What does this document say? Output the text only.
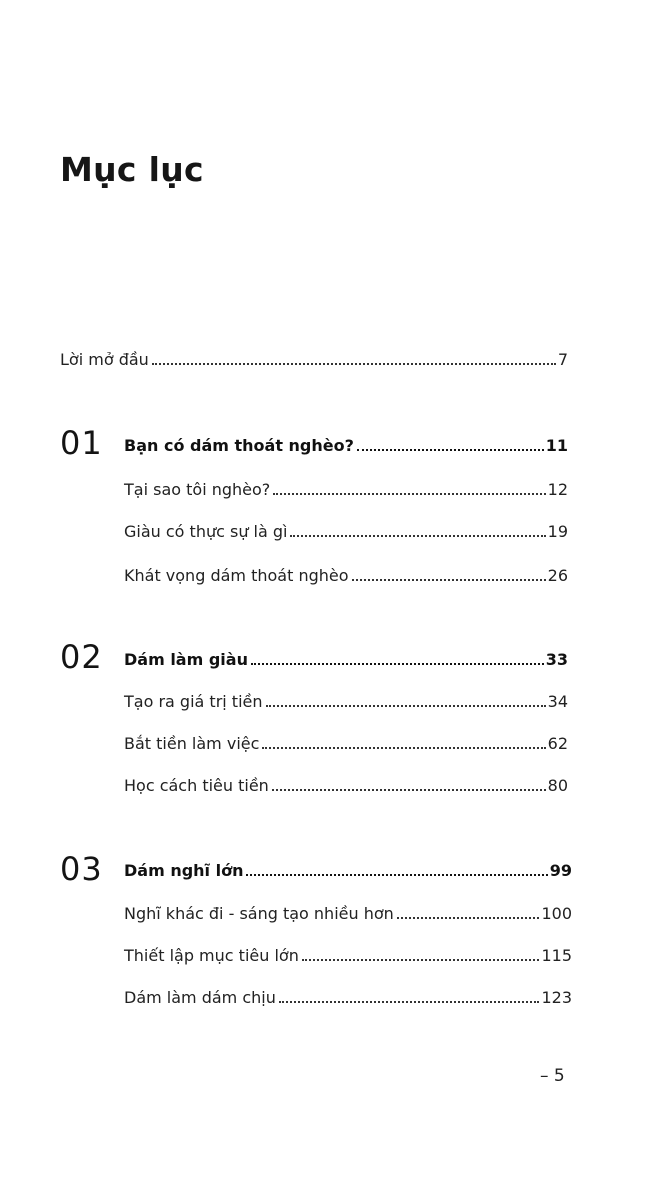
Mục lục
Lời mở đầu	7
01 Bạn có dám thoát nghèo?	11
Tại sao tôi nghèo?	12
Giàu có thực sự là gì	19
Khát vọng dám thoát nghèo	26
02 Dám làm giàu	33
Tạo ra giá trị tiền	34
Bắt tiền làm việc	62
Học cách tiêu tiền	80
03 Dám nghĩ lớn	99
Nghĩ khác đi - sáng tạo nhiều hơn	100
Thiết lập mục tiêu lớn	115
Dám làm dám chịu	123
– 5
